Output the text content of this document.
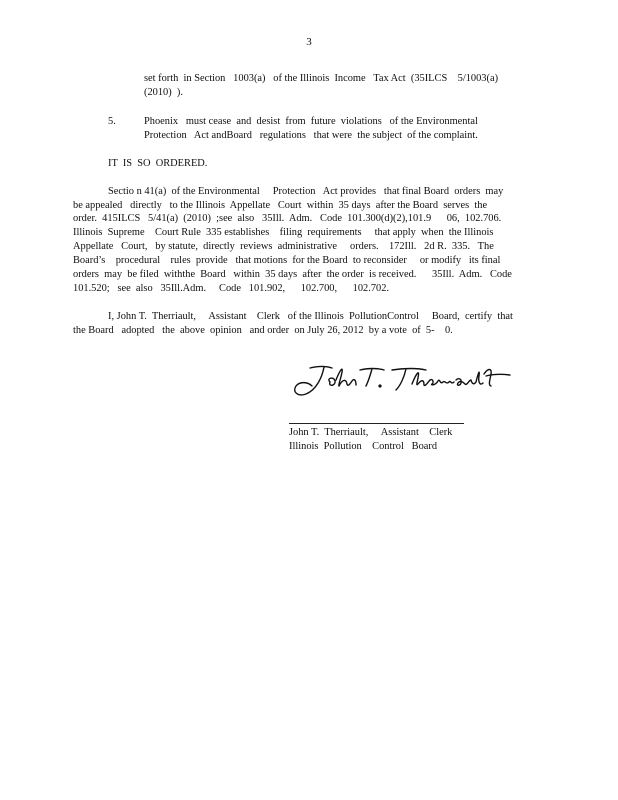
3
set forth  in Section   1003(a)   of the Illinois  Income   Tax Act  (35ILCS    5/1003(a)
(2010)  ).
5.	Phoenix   must cease  and  desist  from  future  violations   of the Environmental
Protection   Act andBoard   regulations   that were  the subject  of the complaint.
IT  IS  SO  ORDERED.
Sectio n 41(a)  of the Environmental     Protection   Act provides   that final Board  orders  may
be appealed   directly   to the Illinois  Appellate   Court  within  35 days  after the Board  serves  the
order.  415ILCS   5/41(a)  (2010)  ;see  also   35Ill.  Adm.   Code  101.300(d)(2),101.9      06,  102.706.
Illinois  Supreme    Court Rule  335 establishes    filing  requirements     that apply  when  the Illinois
Appellate   Court,   by statute,  directly  reviews  administrative     orders.    172Ill.   2d R.  335.   The
Board’s    procedural    rules  provide   that motions  for the Board  to reconsider     or modify   its final
orders  may  be filed  withthe  Board   within  35 days  after  the order  is received.      35Ill.  Adm.   Code
101.520;   see  also   35Ill.Adm.     Code   101.902,      102.700,      102.702.
I, John T.  Therriault,     Assistant    Clerk   of the Illinois  PollutionControl     Board,  certify  that
the Board   adopted   the  above  opinion   and order  on July 26, 2012  by a vote  of  5-    0.
John T.  Therriault,     Assistant    Clerk
Illinois  Pollution    Control   Board
